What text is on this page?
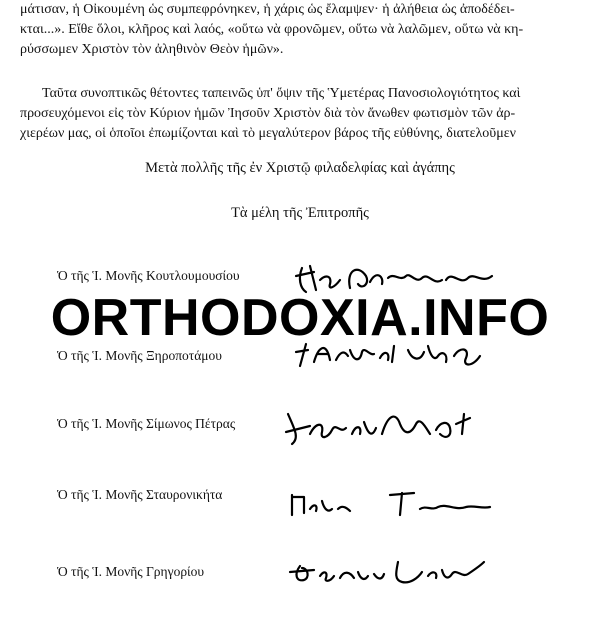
μάτισαν, ἡ Οἰκουμένη ὡς συμπεφρόνηκεν, ἡ χάρις ὡς ἔλαμψεν· ἡ ἀλήθεια ὡς ἀποδέδει-
κται...». Εἴθε ὅλοι, κλῆρος καὶ λαός, «οὕτω νὰ φρονῶμεν, οὕτω νὰ λαλῶμεν, οὕτω νὰ κη-
ρύσσωμεν Χριστὸν τὸν ἀληθινὸν Θεὸν ἡμῶν».
Ταῦτα συνοπτικῶς θέτοντες ταπεινῶς ὑπ' ὄψιν τῆς Ὑμετέρας Πανοσιολογιότητος καὶ
προσευχόμενοι εἰς τὸν Κύριον ἡμῶν Ἰησοῦν Χριστὸν διὰ τὸν ἄνωθεν φωτισμὸν τῶν ἀρ-
χιερέων μας, οἱ ὁποῖοι ἐπωμίζονται καὶ τὸ μεγαλύτερον βάρος τῆς εὐθύνης, διατελοῦμεν
Μετὰ πολλῆς τῆς ἐν Χριστῷ φιλαδελφίας καὶ ἀγάπης
Τὰ μέλη τῆς Ἐπιτροπῆς
Ὁ τῆς Ἱ. Μονῆς Κουτλουμουσίου
Ὁ τῆς Ἱ. Μονῆς Ξηροποτάμου
Ὁ τῆς Ἱ. Μονῆς Σίμωνος Πέτρας
Ὁ τῆς Ἱ. Μονῆς Σταυρονικήτα
Ὁ τῆς Ἱ. Μονῆς Γρηγορίου
ORTHODOXIA.INFO
